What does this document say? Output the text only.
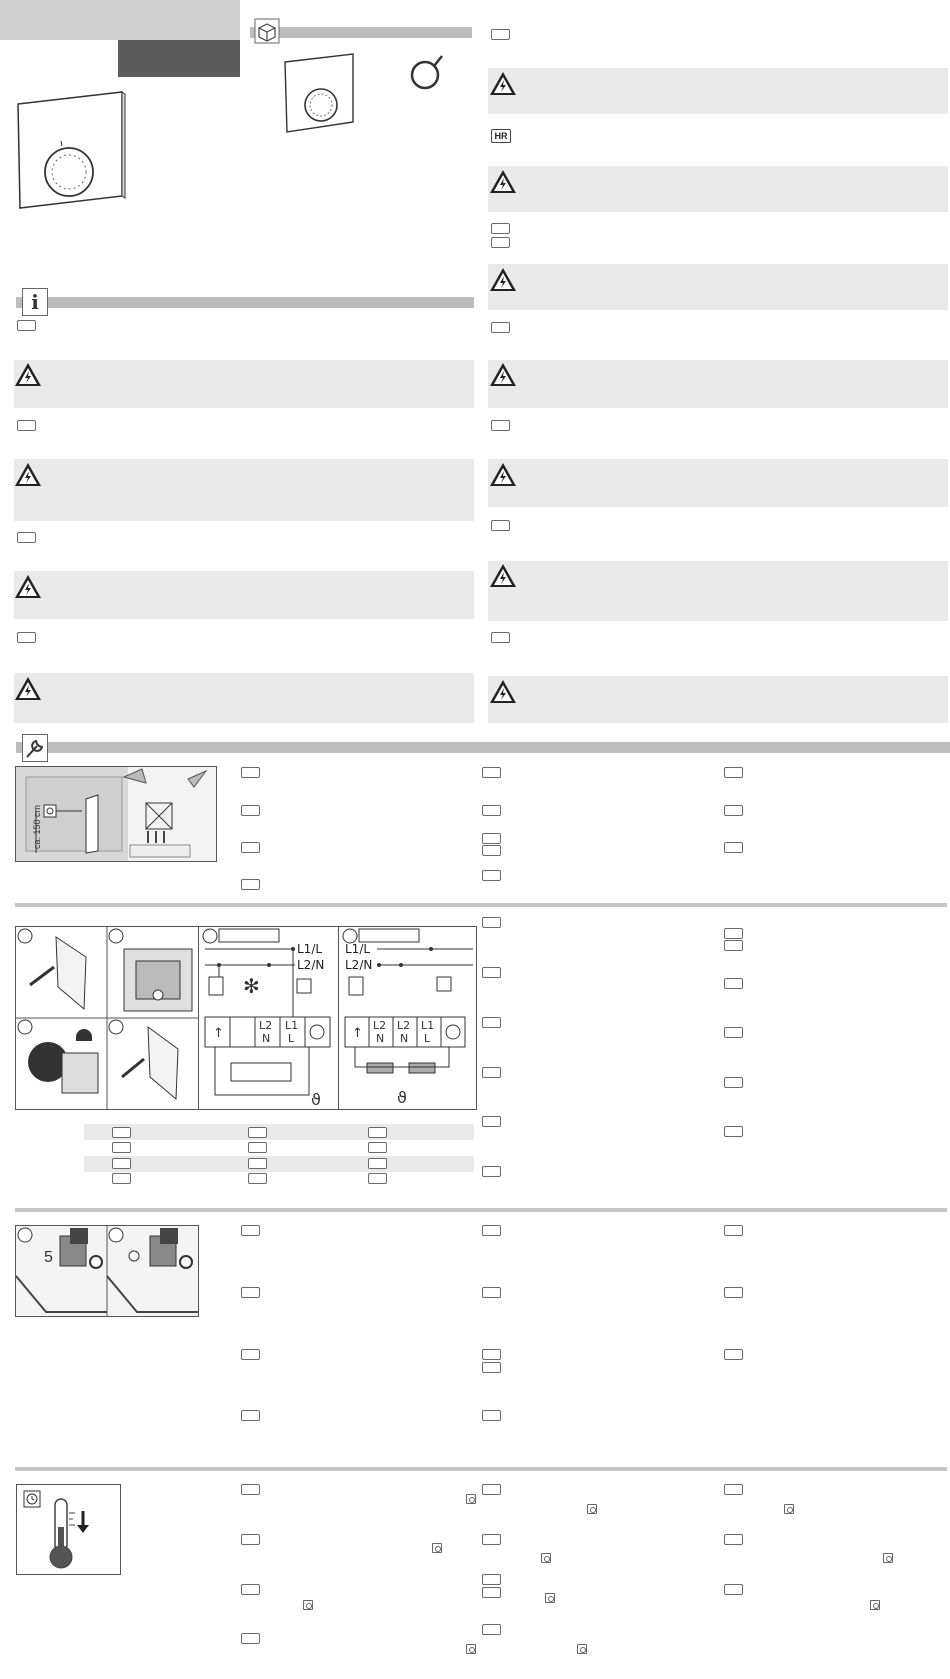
i
HR
ca. 150 cm
L1/L
L2/N
✻
↑
L2
N
L1
L
ϑ
L1/L
L2/N
↑
L2
N
L2
N
L1
L
ϑ
5
